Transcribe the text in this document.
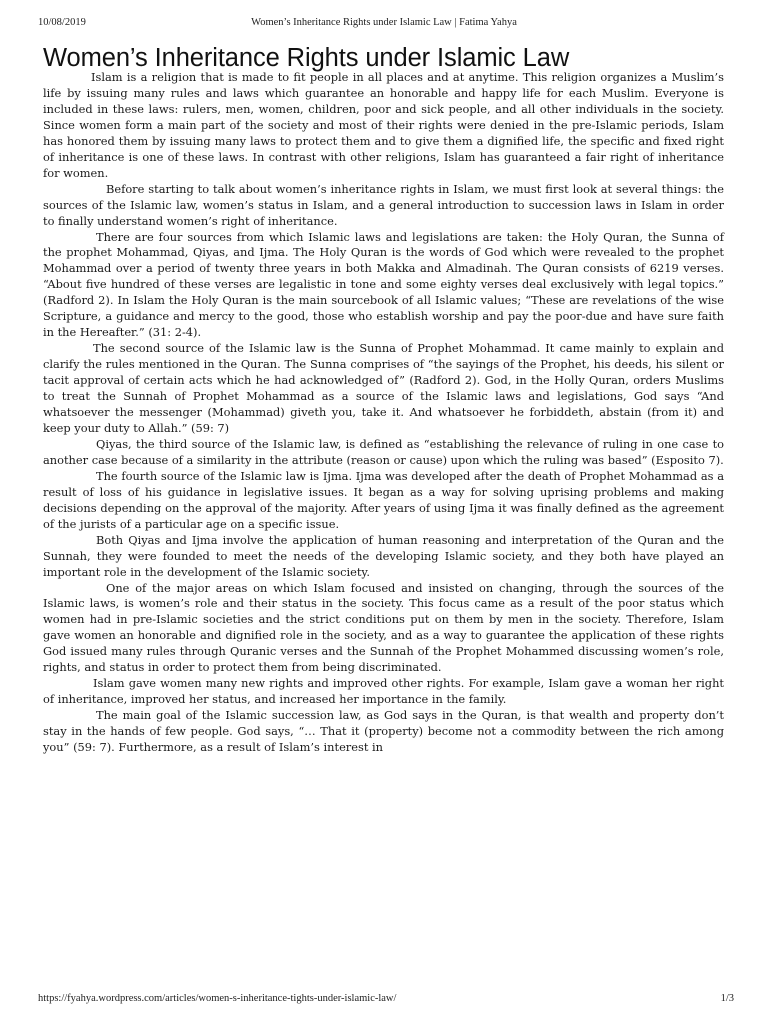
10/08/2019	Women’s Inheritance Rights under Islamic Law | Fatima Yahya
Women’s Inheritance Rights under Islamic Law

Islam is a religion that is made to fit people in all places and at anytime. This religion organizes a Muslim’s life by issuing many rules and laws which guarantee an honorable and happy life for each Muslim. Everyone is included in these laws: rulers, men, women, children, poor and sick people, and all other individuals in the society. Since women form a main part of the society and most of their rights were denied in the pre-Islamic periods, Islam has honored them by issuing many laws to protect them and to give them a dignified life, the specific and fixed right of inheritance is one of these laws. In contrast with other religions, Islam has guaranteed a fair right of inheritance for women.

Before starting to talk about women’s inheritance rights in Islam, we must first look at several things: the sources of the Islamic law, women’s status in Islam, and a general introduction to succession laws in Islam in order to finally understand women’s right of inheritance.

There are four sources from which Islamic laws and legislations are taken: the Holy Quran, the Sunna of the prophet Mohammad, Qiyas, and Ijma. The Holy Quran is the words of God which were revealed to the prophet Mohammad over a period of twenty three years in both Makka and Almadinah. The Quran consists of 6219 verses. “About five hundred of these verses are legalistic in tone and some eighty verses deal exclusively with legal topics.” (Radford 2). In Islam the Holy Quran is the main sourcebook of all Islamic values; “These are revelations of the wise Scripture, a guidance and mercy to the good, those who establish worship and pay the poor-due and have sure faith in the Hereafter.” (31: 2-4).

The second source of the Islamic law is the Sunna of Prophet Mohammad. It came mainly to explain and clarify the rules mentioned in the Quran. The Sunna comprises of “the sayings of the Prophet, his deeds, his silent or tacit approval of certain acts which he had acknowledged of” (Radford 2). God, in the Holly Quran, orders Muslims to treat the Sunnah of Prophet Mohammad as a source of the Islamic laws and legislations, God says “And whatsoever the messenger (Mohammad) giveth you, take it. And whatsoever he forbiddeth, abstain (from it) and keep your duty to Allah.” (59: 7)

Qiyas, the third source of the Islamic law, is defined as “establishing the relevance of ruling in one case to another case because of a similarity in the attribute (reason or cause) upon which the ruling was based” (Esposito 7).

The fourth source of the Islamic law is Ijma. Ijma was developed after the death of Prophet Mohammad as a result of loss of his guidance in legislative issues. It began as a way for solving uprising problems and making decisions depending on the approval of the majority. After years of using Ijma it was finally defined as the agreement of the jurists of a particular age on a specific issue.

Both Qiyas and Ijma involve the application of human reasoning and interpretation of the Quran and the Sunnah, they were founded to meet the needs of the developing Islamic society, and they both have played an important role in the development of the Islamic society.

One of the major areas on which Islam focused and insisted on changing, through the sources of the Islamic laws, is women’s role and their status in the society. This focus came as a result of the poor status which women had in pre-Islamic societies and the strict conditions put on them by men in the society. Therefore, Islam gave women an honorable and dignified role in the society, and as a way to guarantee the application of these rights God issued many rules through Quranic verses and the Sunnah of the Prophet Mohammed discussing women’s role, rights, and status in order to protect them from being discriminated.

Islam gave women many new rights and improved other rights. For example, Islam gave a woman her right of inheritance, improved her status, and increased her importance in the family.

The main goal of the Islamic succession law, as God says in the Quran, is that wealth and property don’t stay in the hands of few people. God says, “… That it (property) become not a commodity between the rich among you” (59: 7). Furthermore, as a result of Islam’s interest in

https://fyahya.wordpress.com/articles/women-s-inheritance-tights-under-islamic-law/	1/3
